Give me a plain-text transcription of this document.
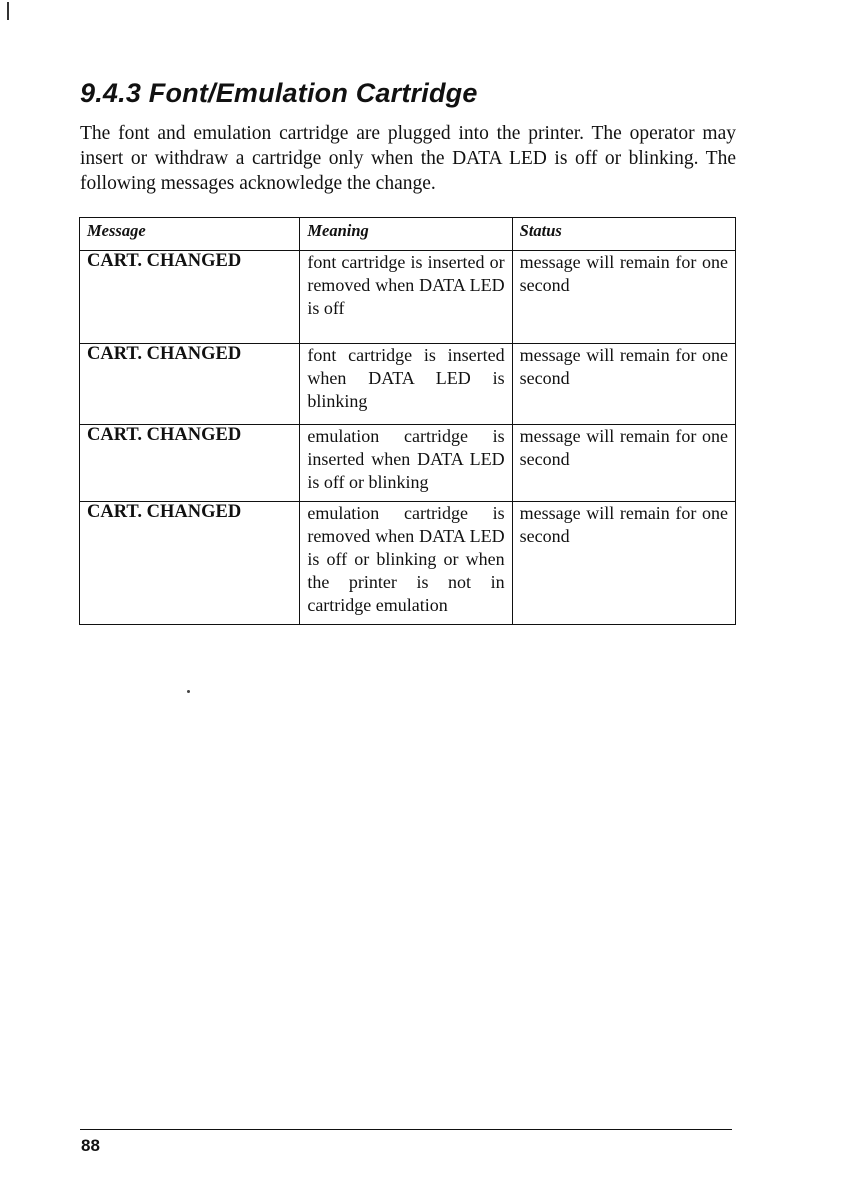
9.4.3 Font/Emulation Cartridge

The font and emulation cartridge are plugged into the printer. The operator may insert or withdraw a cartridge only when the DATA LED is off or blinking. The following messages acknowledge the change.

Message	Meaning	Status
CART. CHANGED	font cartridge is inserted or removed when DATA LED is off	message will remain for one second
CART. CHANGED	font cartridge is inserted when DATA LED is blinking	message will remain for one second
CART. CHANGED	emulation cartridge is inserted when DATA LED is off or blinking	message will remain for one second
CART. CHANGED	emulation cartridge is removed when DATA LED is off or blinking or when the printer is not in cartridge emulation	message will remain for one second
88
